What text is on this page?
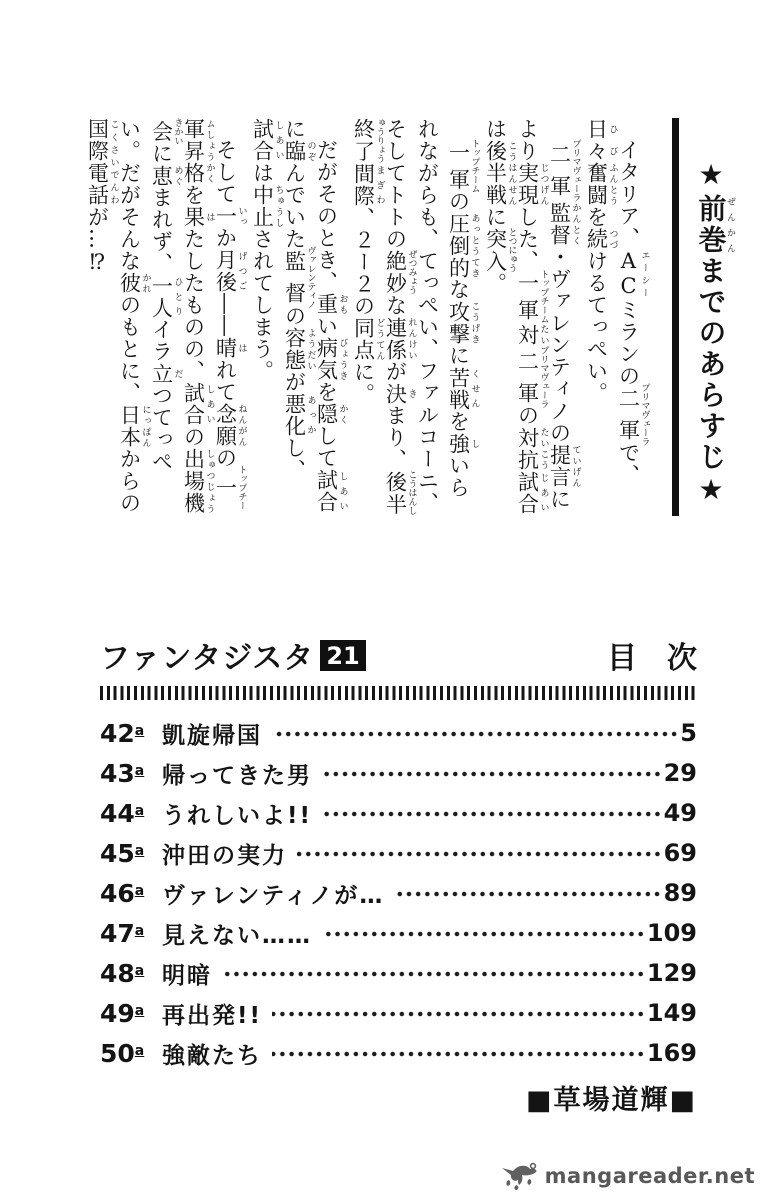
★前巻ぜんかんまでのあらすじ★

イタリア、AC エーシーミランの二軍 プリマヴェーラで、日々 ひび奮闘 ふんとうを続 つづけるてっぺい。

二軍 プリマヴェーラ監督 かんとく・ヴァレンティノの提言 ていげんにより実現 じつげんした、一軍 トップチーム対 たい二軍 プリマヴェーラの対抗 たいこう試合 じあいは後半戦 こうはんせんに突入 とつにゅう。

一軍 トップチームの圧倒的 あっとうてきな攻撃 こうげきに苦戦 くせんを強 しいられながらも、てっぺい、ファルコーニ、そしてトトの絶妙 ぜつみょうな連係 れんけいが決 きまり、後半終了こうはんしゅうりょう間際 まぎわ、２ー２の同点 どうてんに。

だがそのとき、重 おもい病気 びょうきを隠 かくして試合 しあいに臨 のぞんでいた監督 ヴァレンティノの容態 ようだいが悪化 あっかし、試合 しあいは中止 ちゅうしされてしまう。

そして一 いっか月後 げつご――晴 はれて念願 ねんがんの一軍昇格トップチームしょうかくを果 はたしたものの、試合 しあいの出場機会しゅつじょうきかいに恵 めぐまれず、一人 ひとりイラ立 だつてっぺい。だがそんな彼 かれのもとに、日本 にっぽんからの国際電話 こくさいでんわが…⁉

ファンタジスタ 21	目　次
42$^a$ 凱旋帰国	5
43$^a$ 帰ってきた男	29
44$^a$ うれしいよ!!	49
45$^a$ 沖田の実力	69
46$^a$ ヴァレンティノが…	89
47$^a$ 見えない……	109
48$^a$ 明暗	129
49$^a$ 再出発!!	149
50$^a$ 強敵たち	169
■草場道輝■
mangareader.net
